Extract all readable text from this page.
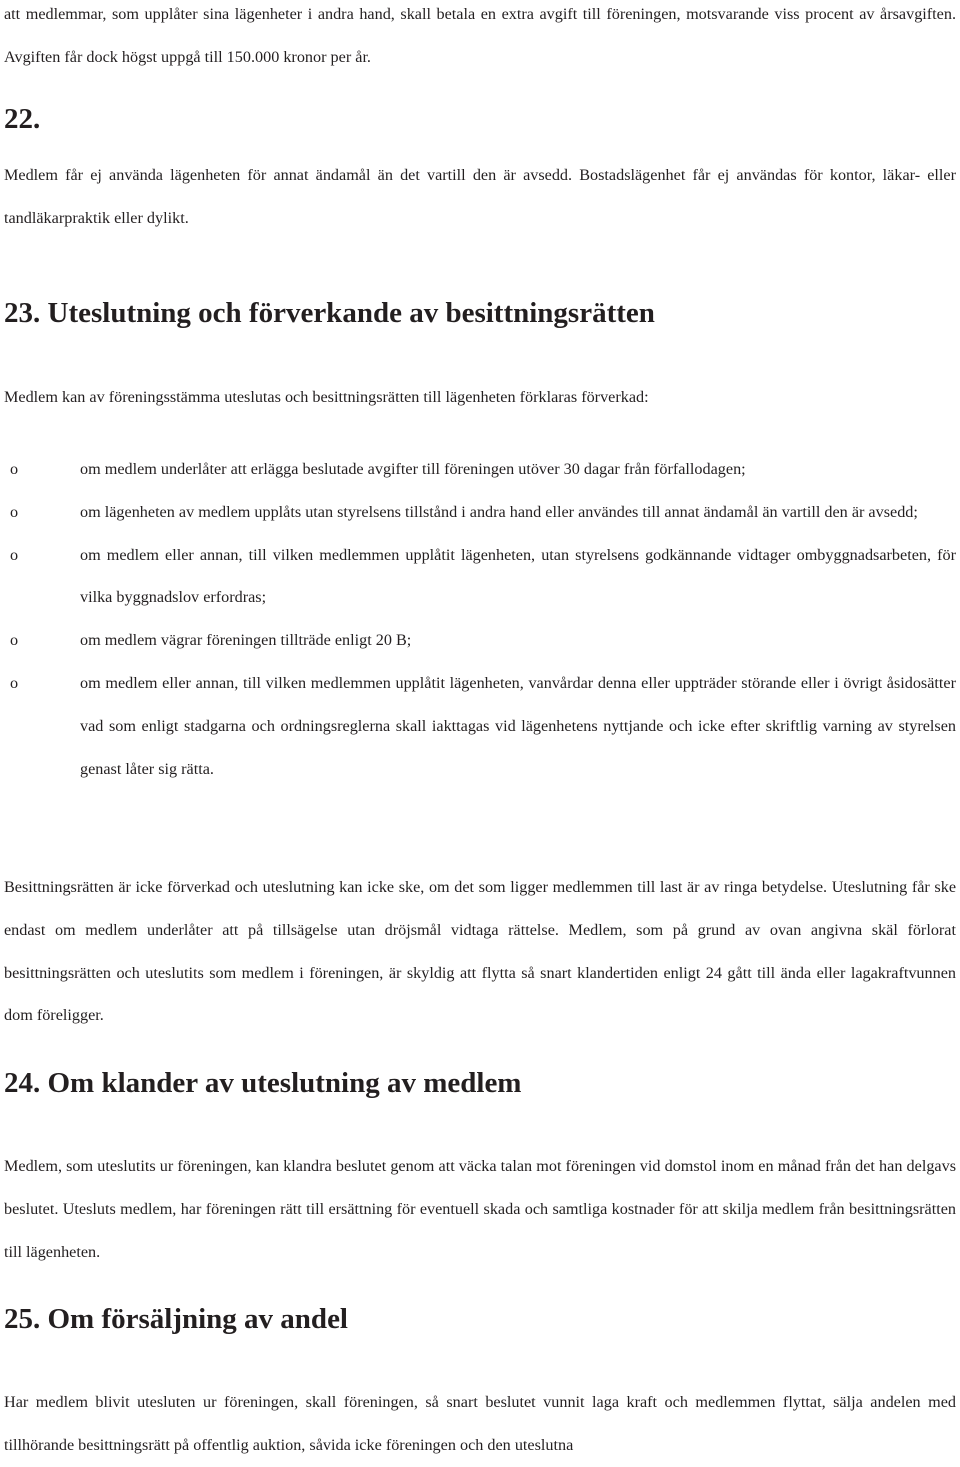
att medlemmar, som upplåter sina lägenheter i andra hand, skall betala en extra avgift till föreningen, motsvarande viss procent av årsavgiften. Avgiften får dock högst uppgå till 150.000 kronor per år.

22.

Medlem får ej använda lägenheten för annat ändamål än det vartill den är avsedd. Bostadslägenhet får ej användas för kontor, läkar- eller tandläkarpraktik eller dylikt.

23. Uteslutning och förverkande av besittningsrätten

Medlem kan av föreningsstämma uteslutas och besittningsrätten till lägenheten förklaras förverkad:

o	om medlem underlåter att erlägga beslutade avgifter till föreningen utöver 30 dagar från förfallodagen;
o	om lägenheten av medlem upplåts utan styrelsens tillstånd i andra hand eller användes till annat ändamål än vartill den är avsedd;
o	om medlem eller annan, till vilken medlemmen upplåtit lägenheten, utan styrelsens godkännande vidtager ombyggnadsarbeten, för vilka byggnadslov erfordras;
o	om medlem vägrar föreningen tillträde enligt 20 B;
o	om medlem eller annan, till vilken medlemmen upplåtit lägenheten, vanvårdar denna eller uppträder störande eller i övrigt åsidosätter vad som enligt stadgarna och ordningsreglerna skall iakttagas vid lägenhetens nyttjande och icke efter skriftlig varning av styrelsen genast låter sig rätta.

Besittningsrätten är icke förverkad och uteslutning kan icke ske, om det som ligger medlemmen till last är av ringa betydelse. Uteslutning får ske endast om medlem underlåter att på tillsägelse utan dröjsmål vidtaga rättelse. Medlem, som på grund av ovan angivna skäl förlorat besittningsrätten och uteslutits som medlem i föreningen, är skyldig att flytta så snart klandertiden enligt 24 gått till ända eller lagakraftvunnen dom föreligger.

24. Om klander av uteslutning av medlem

Medlem, som uteslutits ur föreningen, kan klandra beslutet genom att väcka talan mot föreningen vid domstol inom en månad från det han delgavs beslutet. Utesluts medlem, har föreningen rätt till ersättning för eventuell skada och samtliga kostnader för att skilja medlem från besittningsrätten till lägenheten.

25. Om försäljning av andel

Har medlem blivit utesluten ur föreningen, skall föreningen, så snart beslutet vunnit laga kraft och medlemmen flyttat, sälja andelen med tillhörande besittningsrätt på offentlig auktion, såvida icke föreningen och den uteslutna
